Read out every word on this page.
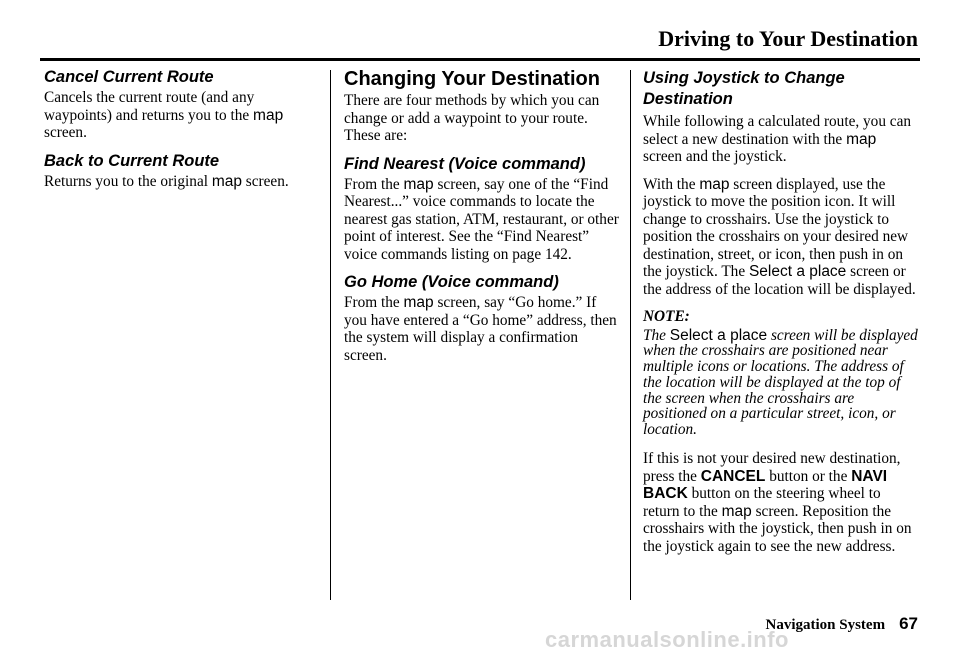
Driving to Your Destination
Cancel Current Route

Cancels the current route (and any waypoints) and returns you to the map screen.

Back to Current Route

Returns you to the original map screen.

Changing Your Destination

There are four methods by which you can change or add a waypoint to your route. These are:

Find Nearest (Voice command)

From the map screen, say one of the “Find Nearest...” voice commands to locate the nearest gas station, ATM, restaurant, or other point of interest. See the “Find Nearest” voice commands listing on page 142.

Go Home (Voice command)

From the map screen, say “Go home.” If you have entered a “Go home” address, then the system will display a confirmation screen.

Using Joystick to Change Destination

While following a calculated route, you can select a new destination with the map screen and the joystick.

With the map screen displayed, use the joystick to move the position icon. It will change to crosshairs. Use the joystick to position the crosshairs on your desired new destination, street, or icon, then push in on the joystick. The Select a place screen or the address of the location will be displayed.

NOTE:

The Select a place screen will be displayed when the crosshairs are positioned near multiple icons or locations. The address of the location will be displayed at the top of the screen when the crosshairs are positioned on a particular street, icon, or location.

If this is not your desired new destination, press the CANCEL button or the NAVI BACK button on the steering wheel to return to the map screen. Reposition the crosshairs with the joystick, then push in on the joystick again to see the new address.

Navigation System 67
carmanualsonline.info
